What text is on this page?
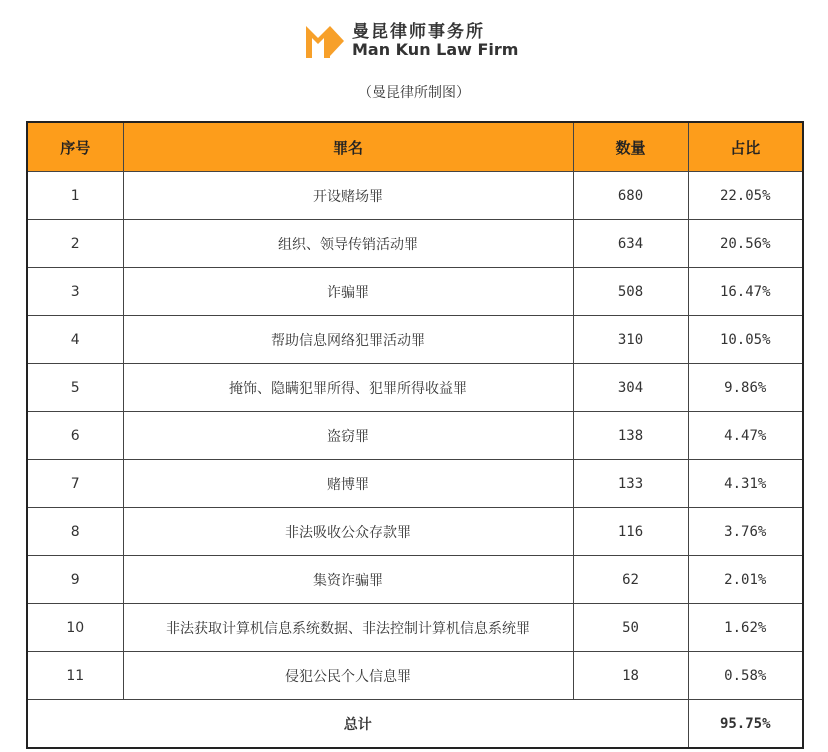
曼昆律师事务所
Man Kun Law Firm
（曼昆律所制图）
序号	罪名	数量	占比
1	开设赌场罪	680	22.05%
2	组织、领导传销活动罪	634	20.56%
3	诈骗罪	508	16.47%
4	帮助信息网络犯罪活动罪	310	10.05%
5	掩饰、隐瞒犯罪所得、犯罪所得收益罪	304	9.86%
6	盗窃罪	138	4.47%
7	赌博罪	133	4.31%
8	非法吸收公众存款罪	116	3.76%
9	集资诈骗罪	62	2.01%
10	非法获取计算机信息系统数据、非法控制计算机信息系统罪	50	1.62%
11	侵犯公民个人信息罪	18	0.58%
总计			95.75%
